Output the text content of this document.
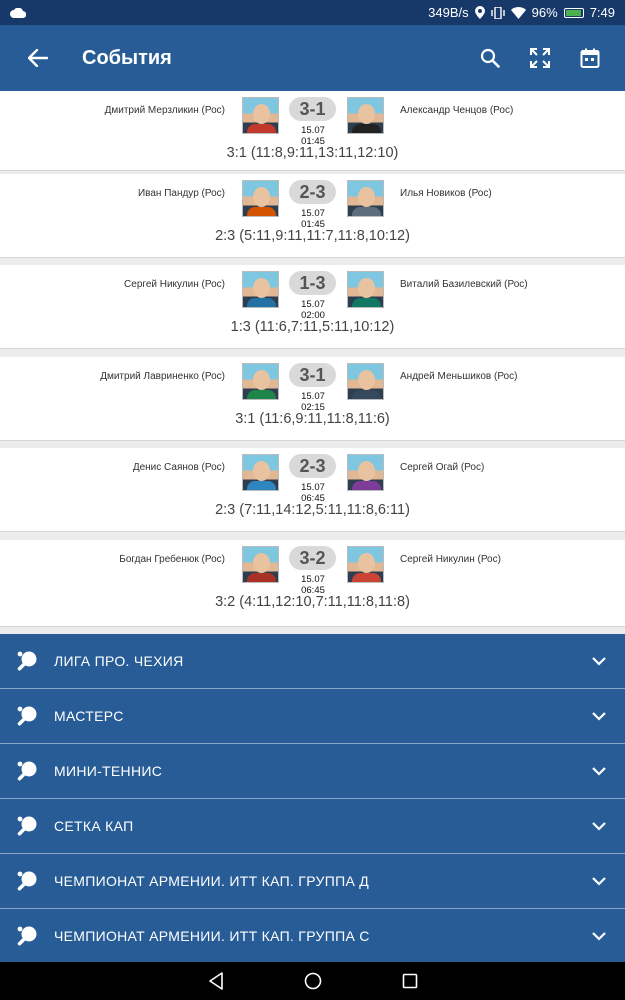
349B/s	96% 7:49
События
Дмитрий Мерзликин (Рос)	3-1
15.07 01:45
Александр Ченцов (Рос)
3:1 (11:8,9:11,13:11,12:10)
Иван Пандур (Рос)	2-3
15.07 01:45
Илья Новиков (Рос)
2:3 (5:11,9:11,11:7,11:8,10:12)
Сергей Никулин (Рос)	1-3
15.07 02:00
Виталий Базилевский (Рос)
1:3 (11:6,7:11,5:11,10:12)
Дмитрий Лавриненко (Рос)	3-1
15.07 02:15
Андрей Меньшиков (Рос)
3:1 (11:6,9:11,11:8,11:6)
Денис Саянов (Рос)	2-3
15.07 06:45
Сергей Огай (Рос)
2:3 (7:11,14:12,5:11,11:8,6:11)
Богдан Гребенюк (Рос)	3-2
15.07 06:45
Сергей Никулин (Рос)
3:2 (4:11,12:10,7:11,11:8,11:8)
ЛИГА ПРО. ЧЕХИЯ
МАСТЕРС
МИНИ-ТЕННИС
СЕТКА КАП
ЧЕМПИОНАТ АРМЕНИИ. ИТТ КАП. ГРУППА Д
ЧЕМПИОНАТ АРМЕНИИ. ИТТ КАП. ГРУППА С
